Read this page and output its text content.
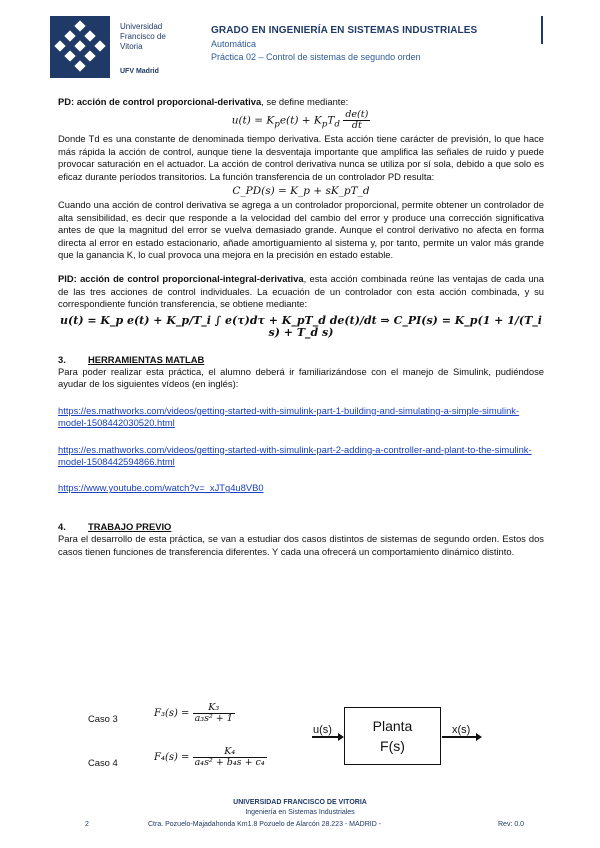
Universidad
Francisco de
Vitoria
UFV Madrid
GRADO EN INGENIERÍA EN SISTEMAS INDUSTRIALES
Automática
Práctica 02 – Control de sistemas de segundo orden

PD: acción de control proporcional-derivativa, se define mediante:

$u(t) = K_pe(t) + K_pT_d \frac{de(t)}{dt}$

Donde Td es una constante de denominada tiempo derivativa. Esta acción tiene carácter de previsión, lo que hace más rápida la acción de control, aunque tiene la desventaja importante que amplifica las señales de ruido y puede provocar saturación en el actuador. La acción de control derivativa nunca se utiliza por sí sola, debido a que solo es eficaz durante períodos transitorios. La función transferencia de un controlador PD resulta:

C_PD(s) = K_p + sK_pT_d

Cuando una acción de control derivativa se agrega a un controlador proporcional, permite obtener un controlador de alta sensibilidad, es decir que responde a la velocidad del cambio del error y produce una corrección significativa antes de que la magnitud del error se vuelva demasiado grande. Aunque el control derivativo no afecta en forma directa al error en estado estacionario, añade amortiguamiento al sistema y, por tanto, permite un valor más grande que la ganancia K, lo cual provoca una mejora en la precisión en estado estable.

PID: acción de control proporcional-integral-derivativa, esta acción combinada reúne las ventajas de cada una de las tres acciones de control individuales. La ecuación de un controlador con esta acción combinada, y su correspondiente función transferencia, se obtiene mediante:

u(t) = K_p e(t) + K_p/T_i ∫ e(τ)dτ + K_pT_d de(t)/dt ⇒ C_PI(s) = K_p(1 + 1/(T_i s) + T_d s)
3. HERRAMIENTAS MATLAB

Para poder realizar esta práctica, el alumno deberá ir familiarizándose con el manejo de Simulink, pudiéndose ayudar de los siguientes vídeos (en inglés):

https://es.mathworks.com/videos/getting-started-with-simulink-part-1-building-and-simulating-a-simple-simulink-model-1508442030520.html
https://es.mathworks.com/videos/getting-started-with-simulink-part-2-adding-a-controller-and-plant-to-the-simulink-model-1508442594866.html
https://www.youtube.com/watch?v=_xJTg4u8VB0
4. TRABAJO PREVIO

Para el desarrollo de esta práctica, se van a estudiar dos casos distintos de sistemas de segundo orden. Estos dos casos tienen funciones de transferencia diferentes. Y cada una ofrecerá un comportamiento dinámico distinto.

Caso 3	$F_3(s) = \frac{\text{K₃}}{\text{a₃s² + 1}}$
Caso 4	$F_4(s) = \frac{\text{K₄}}{\text{a₄s² + b₄s + c₄}}$
u(s)	Planta
F(s)
x(s)
UNIVERSIDAD FRANCISCO DE VITORIA
Ingeniería en Sistemas Industriales
2	Ctra. Pozuelo-Majadahonda Km1.8 Pozuelo de Alarcón 28.223 - MADRID -	Rev: 0.0
